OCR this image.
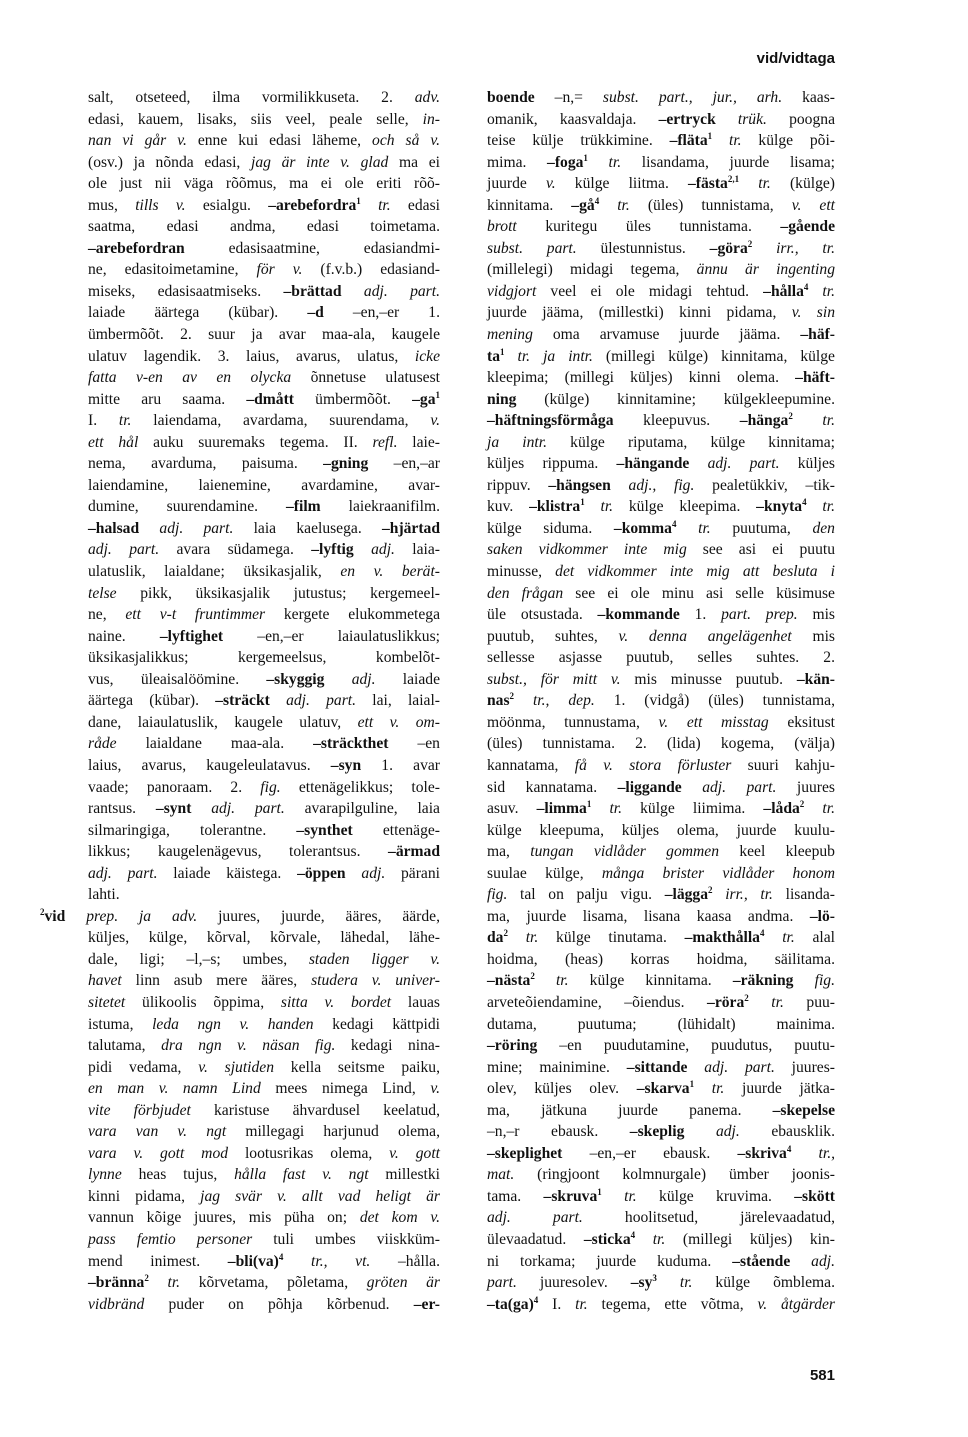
vid/vidtaga
salt, otseteed, ilma vormilikkuseta. 2. adv.
edasi, kauem, lisaks, siis veel, peale selle, in-
nan vi går v. enne kui edasi läheme, och så v.
(osv.) ja nõnda edasi, jag är inte v. glad ma ei
ole just nii väga rõõmus, ma ei ole eriti rõõ-
mus, tills v. esialgu. –arebefordra$^1$ tr. edasi
saatma, edasi andma, edasi toimetama.
–arebefordran edasisaatmine, edasiandmi-
ne, edasitoimetamine, för v. (f.v.b.) edasiand-
miseks, edasisaatmiseks. –brättad adj. part.
laiade äärtega (kübar). –d –en,–er 1.
ümbermõõt. 2. suur ja avar maa-ala, kaugele
ulatuv lagendik. 3. laius, avarus, ulatus, icke
fatta v-en av en olycka õnnetuse ulatusest
mitte aru saama. –dmått ümbermõõt. $-ga^1$
I. tr. laiendama, avardama, suurendama, v.
ett hål auku suuremaks tegema. II. refl. laie-
nema, avarduma, paisuma. –gning –en,–ar
laiendamine, laienemine, avardamine, avar-
dumine, suurendamine. –film laiekraanifilm.
–halsad adj. part. laia kaelusega. –hjärtad
adj. part. avara südamega. –lyftig adj. laia-
ulatuslik, laialdane; üksikasjalik, en v. berät-
telse pikk, üksikasjalik jutustus; kergemeel-
ne, ett v-t fruntimmer kergete elukommetega
naine. –lyftighet –en,–er laiaulatuslikkus;
üksikasjalikkus; kergemeelsus, kombelõt-
vus, üleaisalöömine. –skyggig adj. laiade
äärtega (kübar). –sträckt adj. part. lai, laial-
dane, laiaulatuslik, kaugele ulatuv, ett v. om-
råde laialdane maa-ala. –sträckthet –en
laius, avarus, kaugeleulatavus. –syn 1. avar
vaade; panoraam. 2. fig. ettenägelikkus; tole-
rantsus. –synt adj. part. avarapilguline, laia
silmaringiga, tolerantne. –synthet ettenäge-
likkus; kaugelenägevus, tolerantsus. –ärmad
adj. part. laiade käistega. –öppen adj. pärani
lahti.
$^2$vid prep. ja adv. juures, juurde, ääres, äärde,
küljes, külge, kõrval, kõrvale, lähedal, lähe-
dale, ligi; –l,–s; umbes, staden ligger v.
havet linn asub mere ääres, studera v. univer-
sitetet ülikoolis õppima, sitta v. bordet lauas
istuma, leda ngn v. handen kedagi kättpidi
talutama, dra ngn v. näsan fig. kedagi nina-
pidi vedama, v. sjutiden kella seitsme paiku,
en man v. namn Lind mees nimega Lind, v.
vite förbjudet karistuse ähvardusel keelatud,
vara van v. ngt millegagi harjunud olema,
vara v. gott mod lootusrikas olema, v. gott
lynne heas tujus, hålla fast v. ngt millestki
kinni pidama, jag svär v. allt vad heligt är
vannun kõige juures, mis püha on; det kom v.
pass femtio personer tuli umbes viiskküm-
mend inimest. –bli(va)$^4$ tr., vt. –hålla.
–bränna$^2$ tr. kõrvetama, põletama, gröten är
vidbränd puder on põhja kõrbenud. –er-
boende –n,= subst. part., jur., arh. kaas-
omanik, kaasvaldaja. –ertryck trük. poogna
teise külje trükkimine. –fläta$^1$ tr. külge põi-
mima. –foga$^1$ tr. lisandama, juurde lisama;
juurde v. külge liitma. –fästa$^{2,1}$ tr. (külge)
kinnitama. $-gå^4$ tr. (üles) tunnistama, v. ett
brott kuritegu üles tunnistama. –gående
subst. part. ülestunnistus. –göra$^2$ irr., tr.
(millelegi) midagi tegema, ännu är ingenting
vidgjort veel ei ole midagi tehtud. –hålla$^4$ tr.
juurde jääma, (millestki) kinni pidama, v. sin
mening oma arvamuse juurde jääma. –häf-
$ta^1$ tr. ja intr. (millegi külge) kinnitama, külge
kleepima; (millegi küljes) kinni olema. –häft-
ning (külge) kinnitamine; külgekleepumine.
–häftningsförmåga kleepuvus. –hänga$^2$ tr.
ja intr. külge riputama, külge kinnitama;
küljes rippuma. –hängande adj. part. küljes
rippuv. –hängsen adj., fig. pealetükkiv, –tik-
kuv. –klistra$^1$ tr. külge kleepima. –knyta$^4$ tr.
külge siduma. –komma$^4$ tr. puutuma, den
saken vidkommer inte mig see asi ei puutu
minusse, det vidkommer inte mig att besluta i
den frågan see ei ole minu asi selle küsimuse
üle otsustada. –kommande 1. part. prep. mis
puutub, suhtes, v. denna angelägenhet mis
sellesse asjasse puutub, selles suhtes. 2.
subst., för mitt v. mis minusse puutub. –kän-
nas$^2$ tr., dep. 1. (vidgå) (üles) tunnistama,
möönma, tunnustama, v. ett misstag eksitust
(üles) tunnistama. 2. (lida) kogema, (välja)
kannatama, få v. stora förluster suuri kahju-
sid kannatama. –liggande adj. part. juures
asuv. –limma$^1$ tr. külge liimima. –låda$^2$ tr.
külge kleepuma, küljes olema, juurde kuulu-
ma, tungan vidlåder gommen keel kleepub
suulae külge, många brister vidlåder honom
fig. tal on palju vigu. –lägga$^2$ irr., tr. lisanda-
ma, juurde lisama, lisana kaasa andma. –lö-
$da^2$ tr. külge tinutama. –makthålla$^4$ tr. alal
hoidma, (heas) korras hoidma, säilitama.
–nästa$^2$ tr. külge kinnitama. –räkning fig.
arveteõiendamine, –õiendus. –röra$^2$ tr. puu-
dutama, puutuma; (lühidalt) mainima.
–röring –en puudutamine, puudutus, puutu-
mine; mainimine. –sittande adj. part. juures-
olev, küljes olev. –skarva$^1$ tr. juurde jätka-
ma, jätkuna juurde panema. –skepelse
–n,–r ebausk. –skeplig adj. ebausklik.
–skeplighet –en,–er ebausk. –skriva$^4$ tr.,
mat. (ringjoont kolmnurgale) ümber joonis-
tama. –skruva$^1$ tr. külge kruvima. –skött
adj. part. hoolitsetud, järelevaadatud,
ülevaadatud. –sticka$^4$ tr. (millegi küljes) kin-
ni torkama; juurde kuduma. –stående adj.
part. juuresolev. $-sy^3$ tr. külge õmblema.
–ta(ga)$^4$ I. tr. tegema, ette võtma, v. åtgärder
581
